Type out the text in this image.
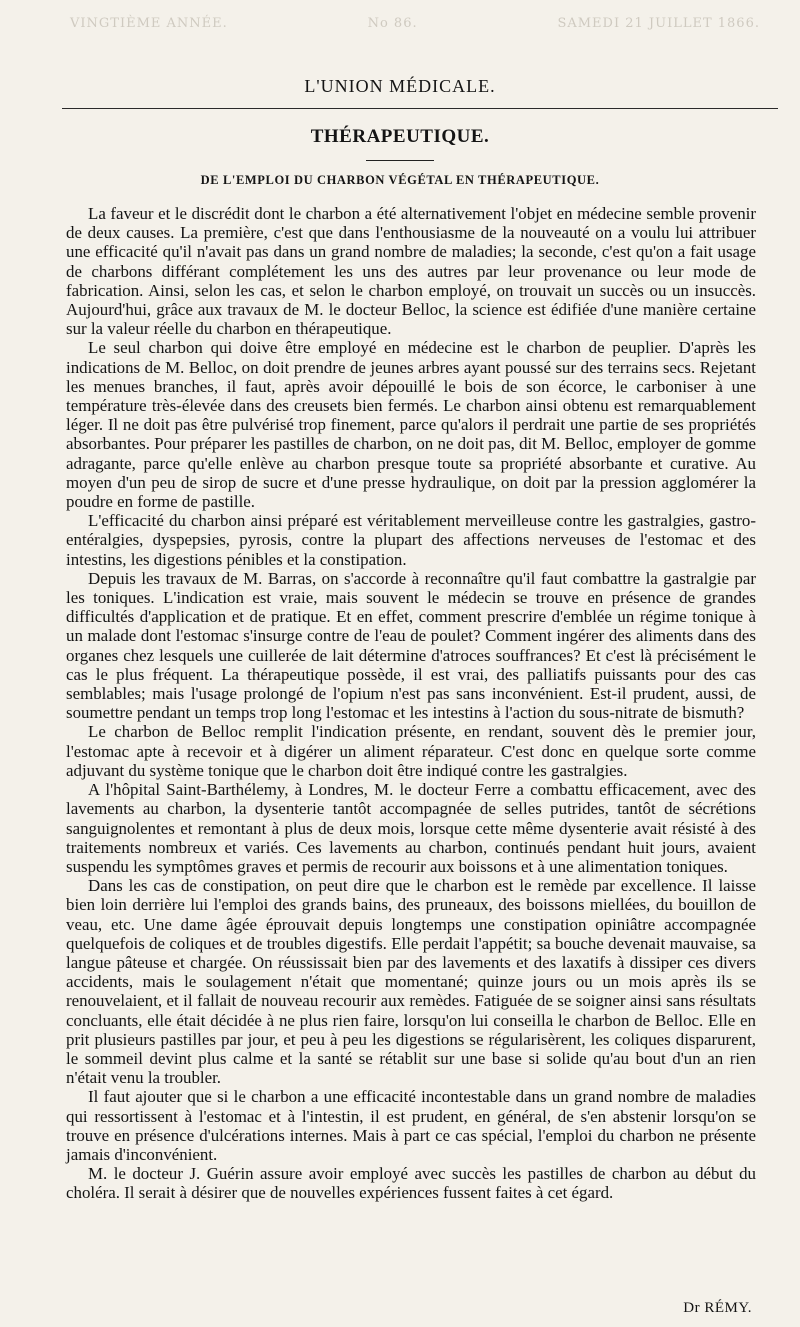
VINGTIÈME ANNÉE.	No 86.	SAMEDI 21 JUILLET 1866.
L'UNION MÉDICALE.
THÉRAPEUTIQUE.
DE L'EMPLOI DU CHARBON VÉGÉTAL EN THÉRAPEUTIQUE.

La faveur et le discrédit dont le charbon a été alternativement l'objet en médecine semble provenir de deux causes. La première, c'est que dans l'enthousiasme de la nouveauté on a voulu lui attribuer une efficacité qu'il n'avait pas dans un grand nombre de maladies; la seconde, c'est qu'on a fait usage de charbons différant complétement les uns des autres par leur provenance ou leur mode de fabrication. Ainsi, selon les cas, et selon le charbon employé, on trouvait un succès ou un insuccès. Aujourd'hui, grâce aux travaux de M. le docteur Belloc, la science est édifiée d'une manière certaine sur la valeur réelle du charbon en thérapeutique.

Le seul charbon qui doive être employé en médecine est le charbon de peuplier. D'après les indications de M. Belloc, on doit prendre de jeunes arbres ayant poussé sur des terrains secs. Rejetant les menues branches, il faut, après avoir dépouillé le bois de son écorce, le carboniser à une température très-élevée dans des creusets bien fermés. Le charbon ainsi obtenu est remarquablement léger. Il ne doit pas être pulvérisé trop finement, parce qu'alors il perdrait une partie de ses propriétés absorbantes. Pour préparer les pastilles de charbon, on ne doit pas, dit M. Belloc, employer de gomme adragante, parce qu'elle enlève au charbon presque toute sa propriété absorbante et curative. Au moyen d'un peu de sirop de sucre et d'une presse hydraulique, on doit par la pression agglomérer la poudre en forme de pastille.

L'efficacité du charbon ainsi préparé est véritablement merveilleuse contre les gastralgies, gastro-entéralgies, dyspepsies, pyrosis, contre la plupart des affections nerveuses de l'estomac et des intestins, les digestions pénibles et la constipation.

Depuis les travaux de M. Barras, on s'accorde à reconnaître qu'il faut combattre la gastralgie par les toniques. L'indication est vraie, mais souvent le médecin se trouve en présence de grandes difficultés d'application et de pratique. Et en effet, comment prescrire d'emblée un régime tonique à un malade dont l'estomac s'insurge contre de l'eau de poulet? Comment ingérer des aliments dans des organes chez lesquels une cuillerée de lait détermine d'atroces souffrances? Et c'est là précisément le cas le plus fréquent. La thérapeutique possède, il est vrai, des palliatifs puissants pour des cas semblables; mais l'usage prolongé de l'opium n'est pas sans inconvénient. Est-il prudent, aussi, de soumettre pendant un temps trop long l'estomac et les intestins à l'action du sous-nitrate de bismuth?

Le charbon de Belloc remplit l'indication présente, en rendant, souvent dès le premier jour, l'estomac apte à recevoir et à digérer un aliment réparateur. C'est donc en quelque sorte comme adjuvant du système tonique que le charbon doit être indiqué contre les gastralgies.

A l'hôpital Saint-Barthélemy, à Londres, M. le docteur Ferre a combattu efficacement, avec des lavements au charbon, la dysenterie tantôt accompagnée de selles putrides, tantôt de sécrétions sanguignolentes et remontant à plus de deux mois, lorsque cette même dysenterie avait résisté à des traitements nombreux et variés. Ces lavements au charbon, continués pendant huit jours, avaient suspendu les symptômes graves et permis de recourir aux boissons et à une alimentation toniques.

Dans les cas de constipation, on peut dire que le charbon est le remède par excellence. Il laisse bien loin derrière lui l'emploi des grands bains, des pruneaux, des boissons miellées, du bouillon de veau, etc. Une dame âgée éprouvait depuis longtemps une constipation opiniâtre accompagnée quelquefois de coliques et de troubles digestifs. Elle perdait l'appétit; sa bouche devenait mauvaise, sa langue pâteuse et chargée. On réussissait bien par des lavements et des laxatifs à dissiper ces divers accidents, mais le soulagement n'était que momentané; quinze jours ou un mois après ils se renouvelaient, et il fallait de nouveau recourir aux remèdes. Fatiguée de se soigner ainsi sans résultats concluants, elle était décidée à ne plus rien faire, lorsqu'on lui conseilla le charbon de Belloc. Elle en prit plusieurs pastilles par jour, et peu à peu les digestions se régularisèrent, les coliques disparurent, le sommeil devint plus calme et la santé se rétablit sur une base si solide qu'au bout d'un an rien n'était venu la troubler.

Il faut ajouter que si le charbon a une efficacité incontestable dans un grand nombre de maladies qui ressortissent à l'estomac et à l'intestin, il est prudent, en général, de s'en abstenir lorsqu'on se trouve en présence d'ulcérations internes. Mais à part ce cas spécial, l'emploi du charbon ne présente jamais d'inconvénient.

M. le docteur J. Guérin assure avoir employé avec succès les pastilles de charbon au début du choléra. Il serait à désirer que de nouvelles expériences fussent faites à cet égard.

Dr RÉMY.
